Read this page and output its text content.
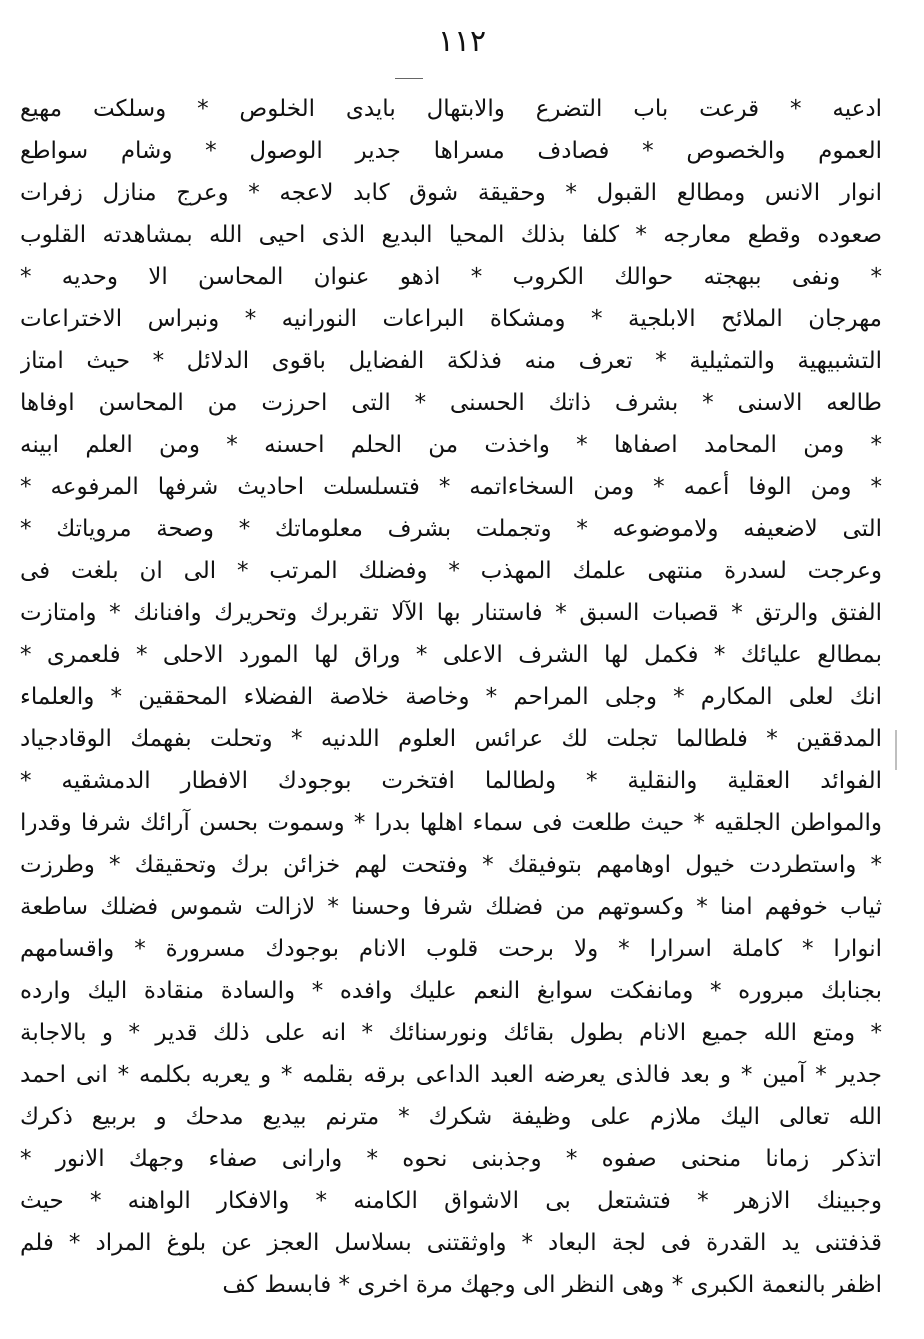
١١٢
ادعيه * قرعت باب التضرع والابتهال بايدى الخلوص * وسلكت مهيع
العموم والخصوص * فصادف مسراها جدير الوصول * وشام سواطع
انوار الانس ومطالع القبول * وحقيقة شوق كابد لاعجه * وعرج منازل زفرات
صعوده وقطع معارجه * كلفا بذلك المحيا البديع الذى احيى الله بمشاهدته القلوب
* ونفى ببهجته حوالك الكروب * اذهو عنوان المحاسن الا وحديه *
مهرجان الملائح الابلجية * ومشكاة البراعات النورانيه * ونبراس الاختراعات
التشبيهية والتمثيلية * تعرف منه فذلكة الفضايل باقوى الدلائل * حيث امتاز
طالعه الاسنى * بشرف ذاتك الحسنى * التى احرزت من المحاسن اوفاها
* ومن المحامد اصفاها * واخذت من الحلم احسنه * ومن العلم ابينه
* ومن الوفا أعمه * ومن السخاءاتمه * فتسلسلت احاديث شرفها المرفوعه *
التى لاضعيفه ولاموضوعه * وتجملت بشرف معلوماتك * وصحة مروياتك *
وعرجت لسدرة منتهى علمك المهذب * وفضلك المرتب * الى ان بلغت فى
الفتق والرتق * قصبات السبق * فاستنار بها الآلا تقربرك وتحريرك وافنانك * وامتازت
بمطالع عليائك * فكمل لها الشرف الاعلى * وراق لها المورد الاحلى * فلعمرى *
انك لعلى المكارم * وجلى المراحم * وخاصة خلاصة الفضلاء المحققين * والعلماء
المدققين * فلطالما تجلت لك عرائس العلوم اللدنيه * وتحلت بفهمك الوقادجياد
الفوائد العقلية والنقلية * ولطالما افتخرت بوجودك الافطار الدمشقيه *
والمواطن الجلقيه * حيث طلعت فى سماء اهلها بدرا * وسموت بحسن آرائك شرفا وقدرا
* واستطردت خيول اوهامهم بتوفيقك * وفتحت لهم خزائن برك وتحقيقك * وطرزت
ثياب خوفهم امنا * وكسوتهم من فضلك شرفا وحسنا * لازالت شموس فضلك ساطعة
انوارا * كاملة اسرارا * ولا برحت قلوب الانام بوجودك مسرورة * واقسامهم
بجنابك مبروره * ومانفكت سوابغ النعم عليك وافده * والسادة منقادة اليك وارده
* ومتع الله جميع الانام بطول بقائك ونورسنائك * انه على ذلك قدير * و بالاجابة
جدير * آمين * و بعد فالذى يعرضه العبد الداعى برقه بقلمه * و يعربه بكلمه * انى احمد
الله تعالى اليك ملازم على وظيفة شكرك * مترنم بيديع مدحك و بربيع ذكرك
اتذكر زمانا منحنى صفوه * وجذبنى نحوه * وارانى صفاء وجهك الانور *
وجبينك الازهر * فتشتعل بى الاشواق الكامنه * والافكار الواهنه * حيث
قذفتنى يد القدرة فى لجة البعاد * واوثقتنى بسلاسل العجز عن بلوغ المراد * فلم
اظفر بالنعمة الكبرى * وهى النظر الى وجهك مرة اخرى * فابسط كف
